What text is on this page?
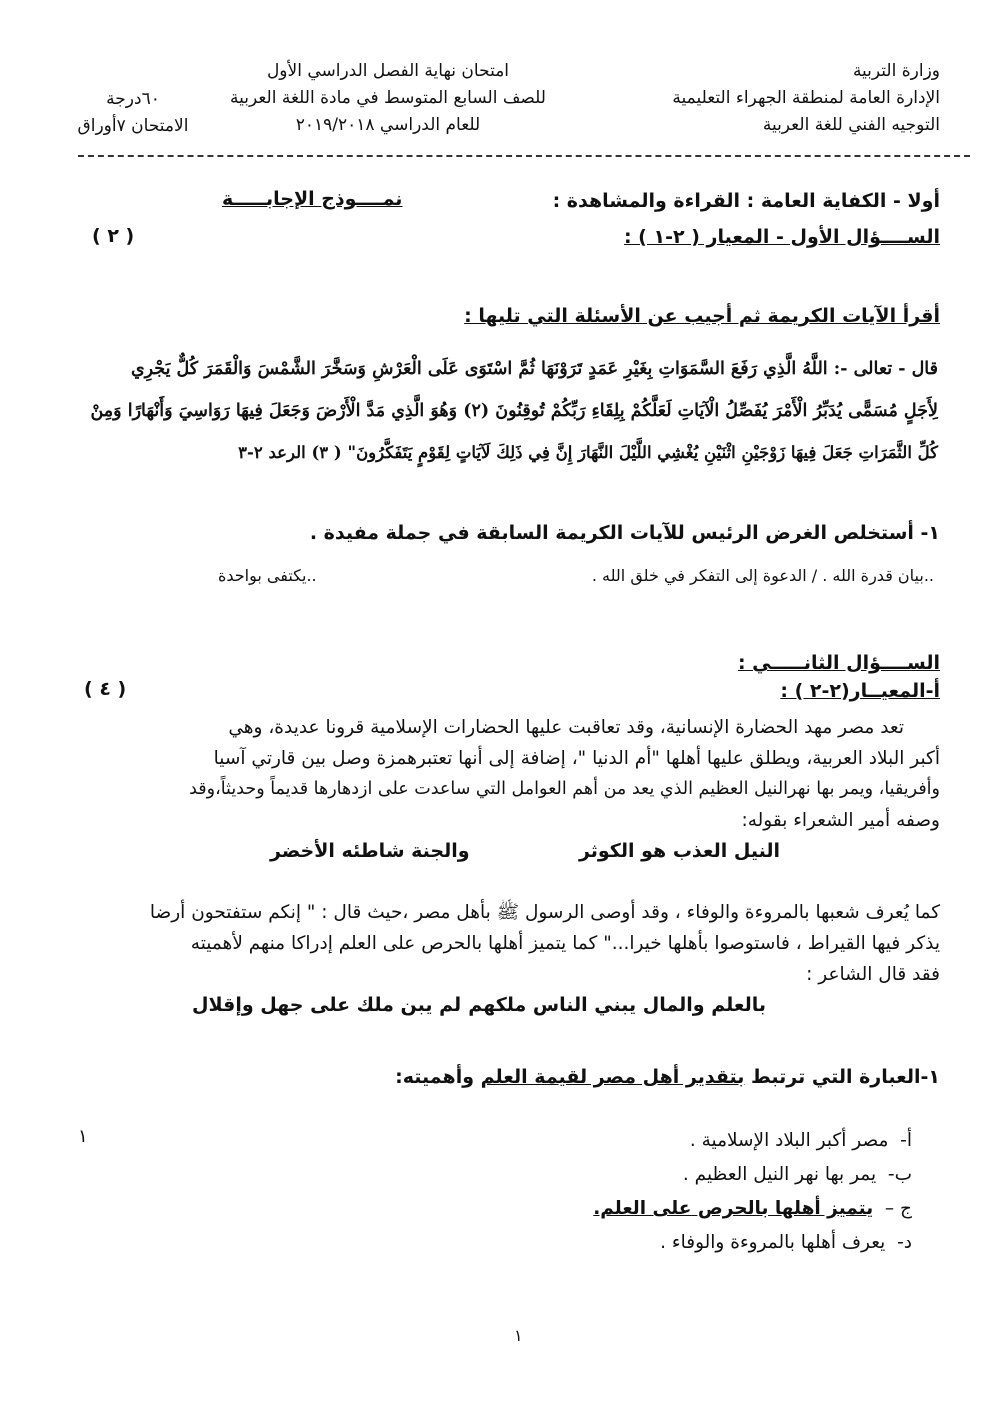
وزارة التربية
الإدارة العامة لمنطقة الجهراء التعليمية
التوجيه الفني للغة العربية
امتحان نهاية الفصل الدراسي الأول
للصف السابع المتوسط في مادة اللغة العربية
للعام الدراسي ٢٠١٩/٢٠١٨
٦٠درجة
الامتحان ٧أوراق
أولا - الكفاية العامة : القراءة والمشاهدة :
نمــــوذج الإجابـــــة
الســــؤال الأول - المعيار ( ٢-١ ) :
( ٢ )
أقرأ الآيات الكريمة ثم أجيب عن الأسئلة التي تليها :
قال - تعالى -: اللَّهُ الَّذِي رَفَعَ السَّمَوَاتِ بِغَيْرِ عَمَدٍ تَرَوْنَهَا ثُمَّ اسْتَوَى عَلَى الْعَرْشِ وَسَخَّرَ الشَّمْسَ وَالْقَمَرَ كُلٌّ يَجْرِي
لِأَجَلٍ مُسَمًّى يُدَبِّرُ الْأَمْرَ يُفَصِّلُ الْآيَاتِ لَعَلَّكُمْ بِلِقَاءِ رَبِّكُمْ تُوقِنُونَ (٢) وَهُوَ الَّذِي مَدَّ الْأَرْضَ وَجَعَلَ فِيهَا رَوَاسِيَ وَأَنْهَارًا وَمِنْ
كُلِّ الثَّمَرَاتِ جَعَلَ فِيهَا زَوْجَيْنِ اثْنَيْنِ يُغْشِي اللَّيْلَ النَّهَارَ إِنَّ فِي ذَلِكَ لَآيَاتٍ لِقَوْمٍ يَتَفَكَّرُونَ" ( ٣) الرعد ٢-٣
١- أستخلص الغرض الرئيس للآيات الكريمة السابقة في جملة مفيدة .
..بيان قدرة الله . / الدعوة إلى التفكر في خلق الله .
..يكتفى بواحدة
الســــؤال الثانـــــي :
أ-المعيــار(٢-٢ ) :
( ٤ )
تعد مصر مهد الحضارة الإنسانية، وقد تعاقبت عليها الحضارات الإسلامية قرونا عديدة، وهي
أكبر البلاد العربية، ويطلق عليها أهلها "أم الدنيا "، إضافة إلى أنها تعتبرهمزة وصل بين قارتي آسيا
وأفريقيا، ويمر بها نهرالنيل العظيم الذي يعد من أهم العوامل التي ساعدت على ازدهارها قديماً وحديثاً،وقد
وصفه أمير الشعراء بقوله:
النيل العذب هو الكوثر
والجنة شاطئه الأخضر
كما يُعرف شعبها بالمروءة والوفاء ، وقد أوصى الرسول ﷺ بأهل مصر ،حيث قال : " إنكم ستفتحون أرضا
يذكر فيها القيراط ، فاستوصوا بأهلها خيرا..." كما يتميز أهلها بالحرص على العلم إدراكا منهم لأهميته
فقد قال الشاعر :
بالعلم والمال يبني الناس ملكهم
لم يبن ملك على جهل وإقلال
١-العبارة التي ترتبط بتقدير أهل مصر لقيمة العلم وأهميته:
١	أ-  مصر أكبر البلاد الإسلامية .
ب-  يمر بها نهر النيل العظيم .
ج –  يتميز أهلها بالحرص على العلم.
د-  يعرف أهلها بالمروءة والوفاء .
١
